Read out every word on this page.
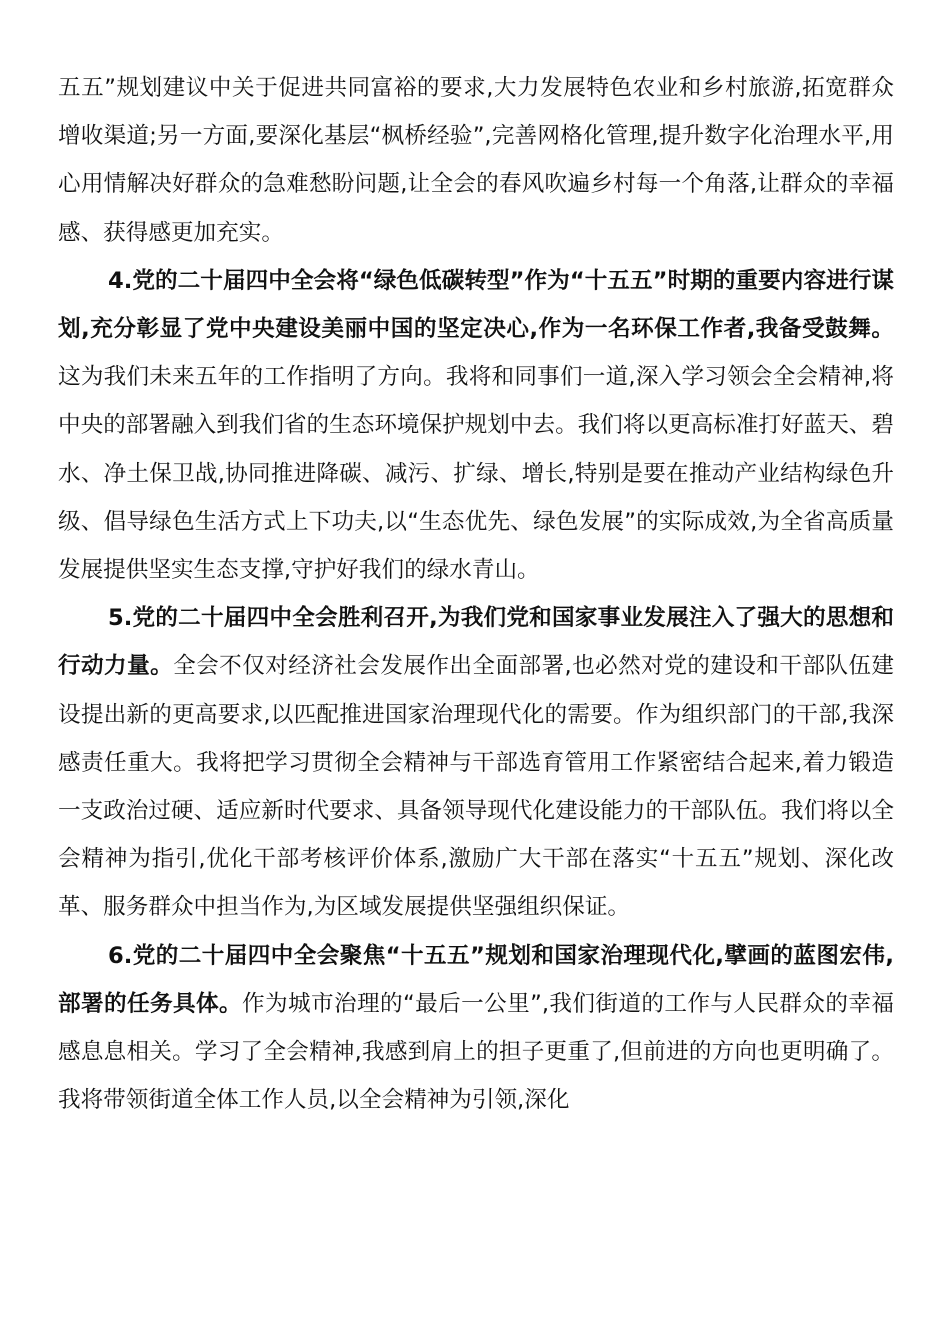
五五”规划建议中关于促进共同富裕的要求,大力发展特色农业和乡村旅游,拓宽群众增收渠道;另一方面,要深化基层“枫桥经验”,完善网格化管理,提升数字化治理水平,用心用情解决好群众的急难愁盼问题,让全会的春风吹遍乡村每一个角落,让群众的幸福感、获得感更加充实。

4.党的二十届四中全会将“绿色低碳转型”作为“十五五”时期的重要内容进行谋划,充分彰显了党中央建设美丽中国的坚定决心,作为一名环保工作者,我备受鼓舞。这为我们未来五年的工作指明了方向。我将和同事们一道,深入学习领会全会精神,将中央的部署融入到我们省的生态环境保护规划中去。我们将以更高标准打好蓝天、碧水、净土保卫战,协同推进降碳、减污、扩绿、增长,特别是要在推动产业结构绿色升级、倡导绿色生活方式上下功夫,以“生态优先、绿色发展”的实际成效,为全省高质量发展提供坚实生态支撑,守护好我们的绿水青山。

5.党的二十届四中全会胜利召开,为我们党和国家事业发展注入了强大的思想和行动力量。全会不仅对经济社会发展作出全面部署,也必然对党的建设和干部队伍建设提出新的更高要求,以匹配推进国家治理现代化的需要。作为组织部门的干部,我深感责任重大。我将把学习贯彻全会精神与干部选育管用工作紧密结合起来,着力锻造一支政治过硬、适应新时代要求、具备领导现代化建设能力的干部队伍。我们将以全会精神为指引,优化干部考核评价体系,激励广大干部在落实“十五五”规划、深化改革、服务群众中担当作为,为区域发展提供坚强组织保证。

6.党的二十届四中全会聚焦“十五五”规划和国家治理现代化,擘画的蓝图宏伟,部署的任务具体。作为城市治理的“最后一公里”,我们街道的工作与人民群众的幸福感息息相关。学习了全会精神,我感到肩上的担子更重了,但前进的方向也更明确了。我将带领街道全体工作人员,以全会精神为引领,深化
